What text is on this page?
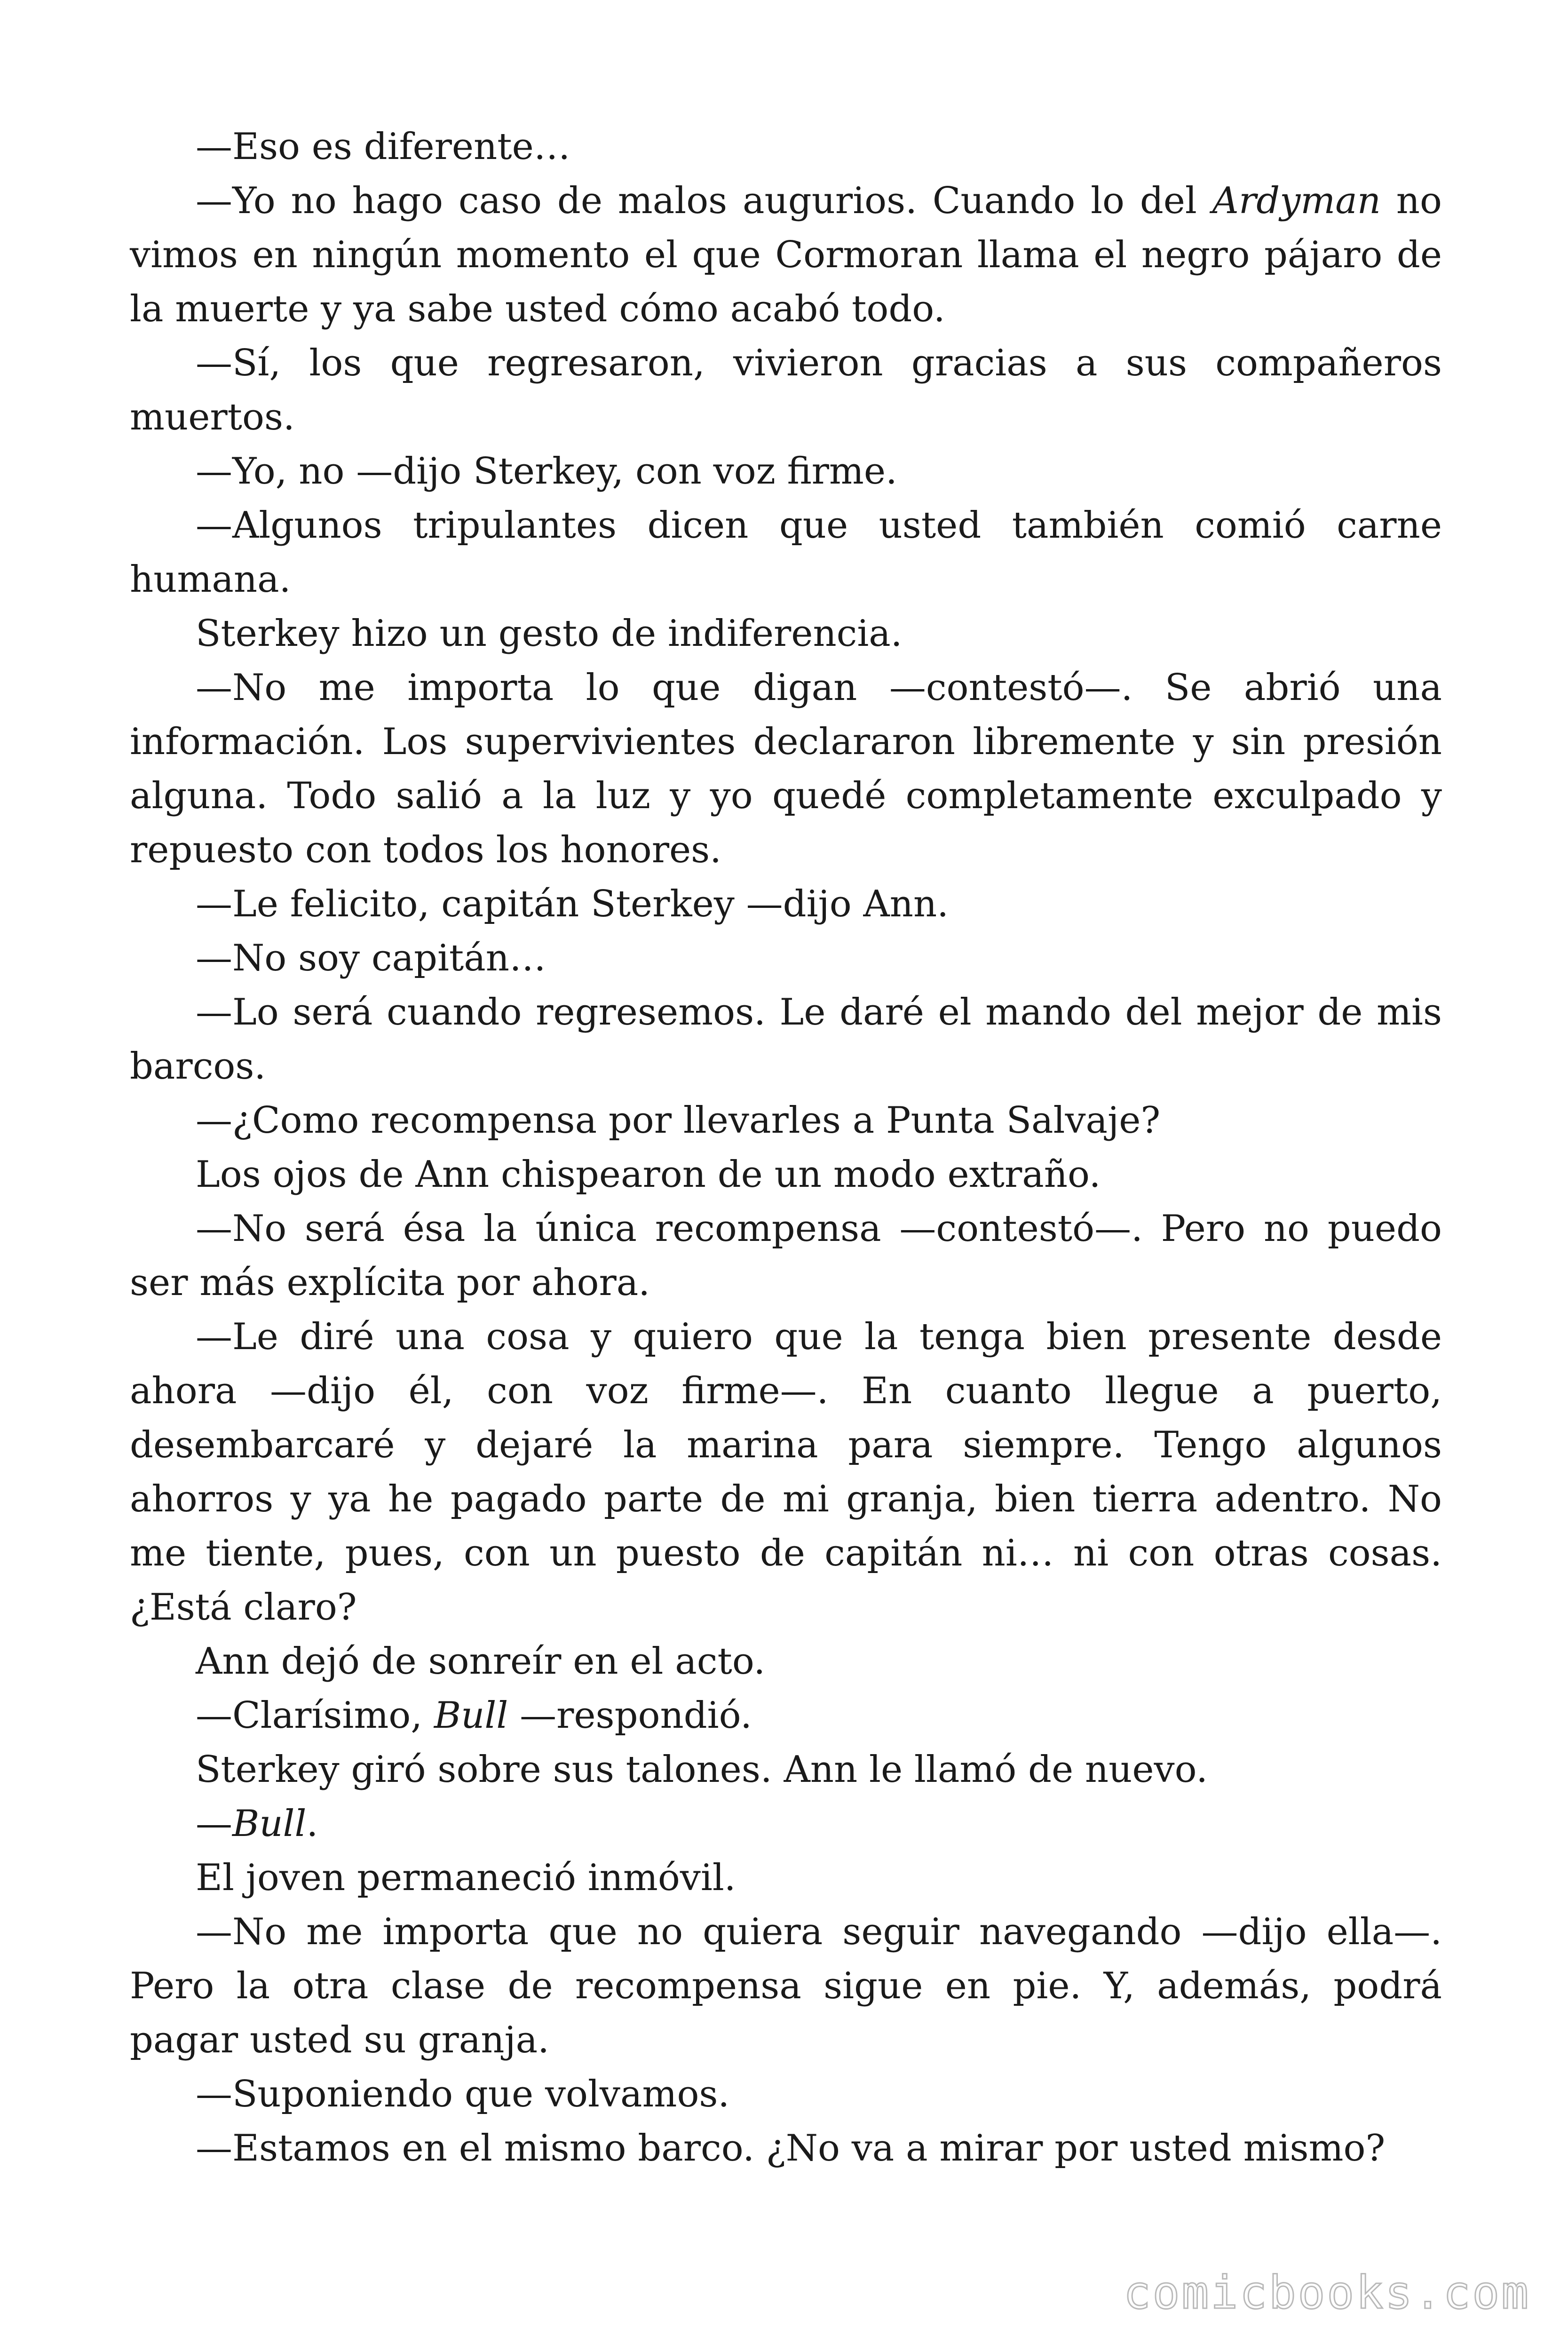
—Eso es diferente…

—Yo no hago caso de malos augurios. Cuando lo del Ardyman no vimos en ningún momento el que Cormoran llama el negro pájaro de la muerte y ya sabe usted cómo acabó todo.

—Sí, los que regresaron, vivieron gracias a sus compañeros muertos.

—Yo, no —dijo Sterkey, con voz firme.

—Algunos tripulantes dicen que usted también comió carne humana.

Sterkey hizo un gesto de indiferencia.

—No me importa lo que digan —contestó—. Se abrió una información. Los supervivientes declararon libremente y sin presión alguna. Todo salió a la luz y yo quedé completamente exculpado y repuesto con todos los honores.

—Le felicito, capitán Sterkey —dijo Ann.

—No soy capitán…

—Lo será cuando regresemos. Le daré el mando del mejor de mis barcos.

—¿Como recompensa por llevarles a Punta Salvaje?

Los ojos de Ann chispearon de un modo extraño.

—No será ésa la única recompensa —contestó—. Pero no puedo ser más explícita por ahora.

—Le diré una cosa y quiero que la tenga bien presente desde ahora —dijo él, con voz firme—. En cuanto llegue a puerto, desembarcaré y dejaré la marina para siempre. Tengo algunos ahorros y ya he pagado parte de mi granja, bien tierra adentro. No me tiente, pues, con un puesto de capitán ni… ni con otras cosas. ¿Está claro?

Ann dejó de sonreír en el acto.

—Clarísimo, Bull —respondió.

Sterkey giró sobre sus talones. Ann le llamó de nuevo.

—Bull.

El joven permaneció inmóvil.

—No me importa que no quiera seguir navegando —dijo ella—. Pero la otra clase de recompensa sigue en pie. Y, además, podrá pagar usted su granja.

—Suponiendo que volvamos.

—Estamos en el mismo barco. ¿No va a mirar por usted mismo?

comicbooks.com
